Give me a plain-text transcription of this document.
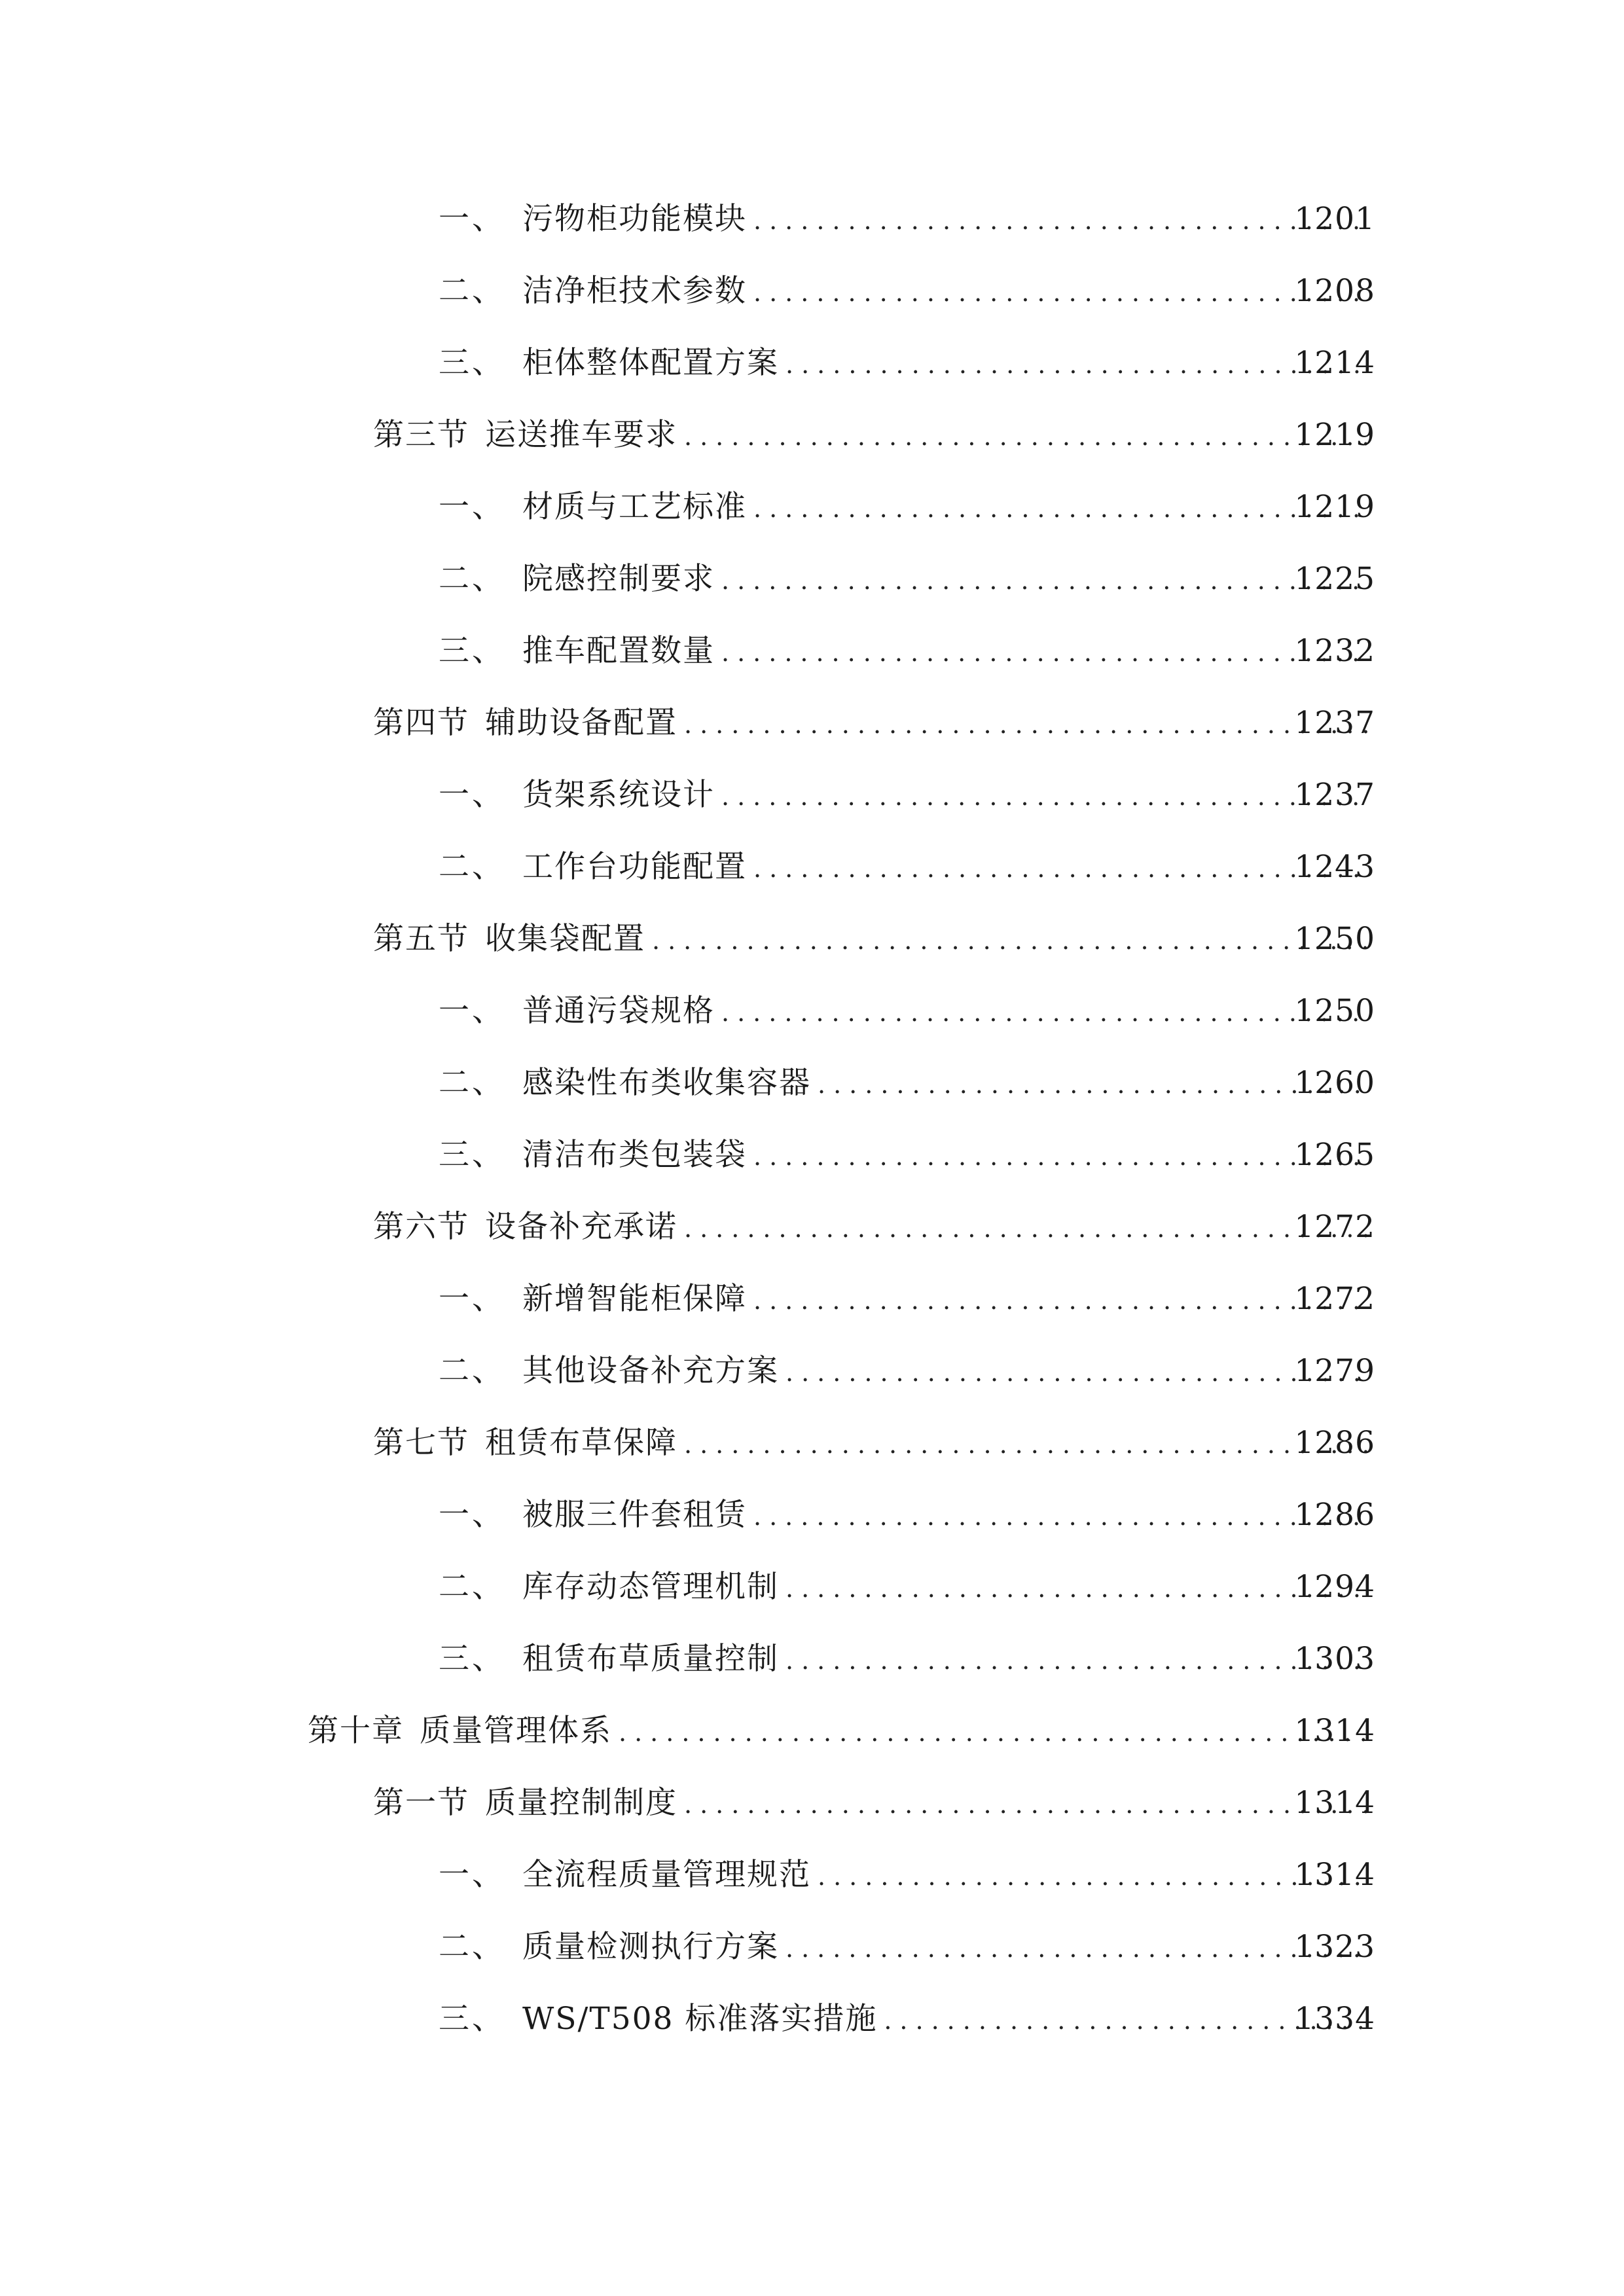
一、 污物柜功能模块 .....	1201
二、 洁净柜技术参数 .....	1208
三、 柜体整体配置方案 .....	1214
第三节 运送推车要求 .....	1219
一、 材质与工艺标准 .....	1219
二、 院感控制要求 .....	1225
三、 推车配置数量 .....	1232
第四节 辅助设备配置 .....	1237
一、 货架系统设计 .....	1237
二、 工作台功能配置 .....	1243
第五节 收集袋配置 .....	1250
一、 普通污袋规格 .....	1250
二、 感染性布类收集容器 .....	1260
三、 清洁布类包装袋 .....	1265
第六节 设备补充承诺 .....	1272
一、 新增智能柜保障 .....	1272
二、 其他设备补充方案 .....	1279
第七节 租赁布草保障 .....	1286
一、 被服三件套租赁 .....	1286
二、 库存动态管理机制 .....	1294
三、 租赁布草质量控制 .....	1303
第十章 质量管理体系 .....	1314
第一节 质量控制制度 .....	1314
一、 全流程质量管理规范 .....	1314
二、 质量检测执行方案 .....	1323
三、 WS/T508 标准落实措施 .....	1334
